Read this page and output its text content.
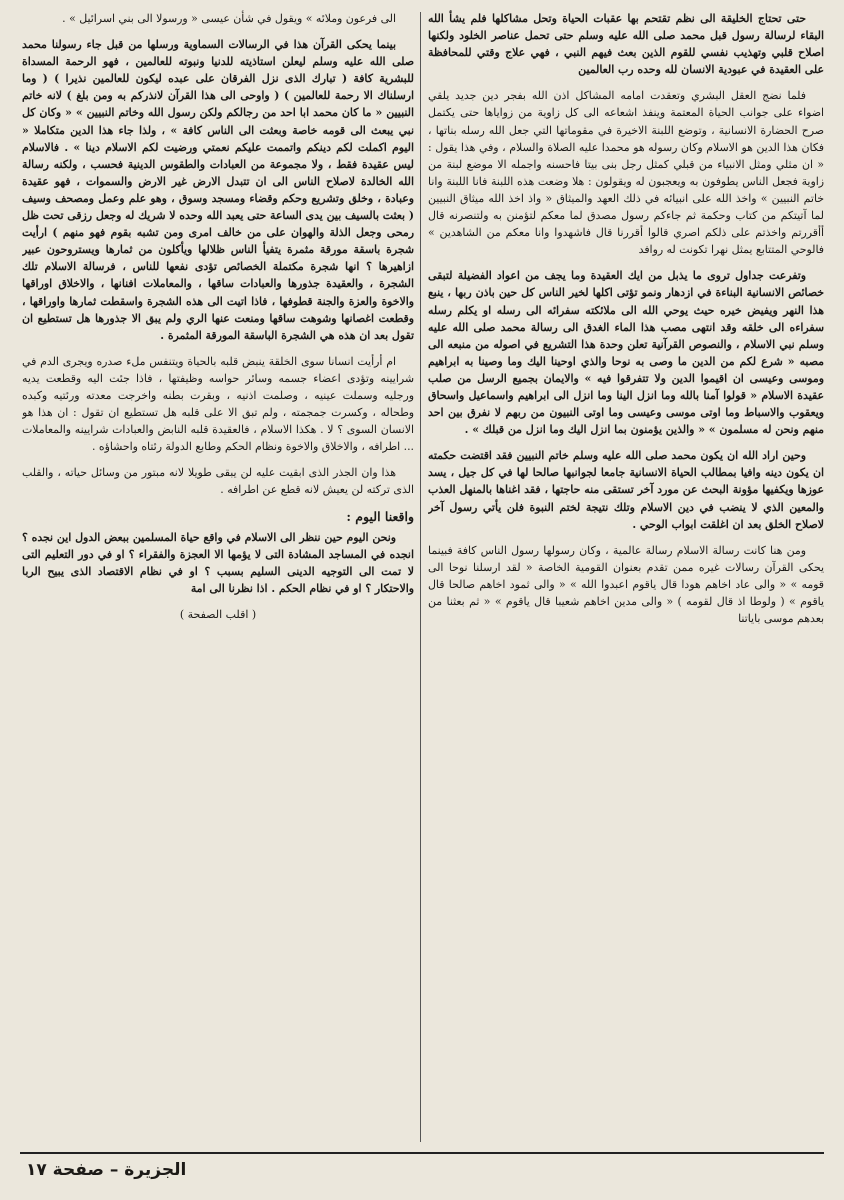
حتى تحتاج الخليقة الى نظم تقتحم بها عقبات الحياة وتحل مشاكلها فلم يشأ الله البقاء لرسالة رسول قبل محمد صلى الله عليه وسلم حتى تحمل عناصر الخلود ولكنها اصلاح قلبي وتهذيب نفسي للقوم الذين بعث فيهم النبي ، فهي علاج وقتي للمحافظة على العقيدة في عبودية الانسان لله وحده رب العالمين

فلما نضج العقل البشري وتعقدت امامه المشاكل اذن الله بفجر دين جديد يلقي اضواء على جوانب الحياة المعتمة وينفذ اشعاعه الى كل زاوية من زواياها حتى يكتمل صرح الحضارة الانسانية ، وتوضع اللبنة الاخيرة في مقوماتها التي جعل الله رسله بناتها ، فكان هذا الدين هو الاسلام وكان رسوله هو محمدا عليه الصلاة والسلام ، وفي هذا يقول : « ان مثلي ومثل الانبياء من قبلي كمثل رجل بنى بيتا فاحسنه واجمله الا موضع لبنة من زاوية فجعل الناس يطوفون به ويعجبون له ويقولون : هلا وضعت هذه اللبنة فانا اللبنة وانا خاتم النبيين » واخذ الله على انبيائه في ذلك العهد والميثاق « واذ اخذ الله ميثاق النبيين لما آتيتكم من كتاب وحكمة ثم جاءكم رسول مصدق لما معكم لتؤمنن به ولتنصرنه قال أأقررتم واخذتم على ذلكم اصري قالوا أقررنا قال فاشهدوا وانا معكم من الشاهدين » فالوحي المتتابع يمثل نهرا تكونت له روافد

وتفرعت جداول تروى ما يذبل من ايك العقيدة وما يجف من اعواد الفضيلة لتبقى خصائص الانسانية البناءة في ازدهار ونمو تؤتى اكلها لخير الناس كل حين باذن ربها ، ينبع هذا النهر ويفيض خيره حيث يوحي الله الى ملائكته سفرائه الى رسله او يكلم رسله سفراءه الى خلقه وقد انتهى مصب هذا الماء الغدق الى رسالة محمد صلى الله عليه وسلم نبي الاسلام ، والنصوص القرآنية تعلن وحدة هذا التشريع في اصوله من منبعه الى مصبه « شرع لكم من الدين ما وصى به نوحا والذي اوحينا اليك وما وصينا به ابراهيم وموسى وعيسى ان اقيموا الدين ولا تتفرقوا فيه » والايمان بجميع الرسل من صلب عقيدة الاسلام « قولوا آمنا بالله وما انزل الينا وما انزل الى ابراهيم واسماعيل واسحاق ويعقوب والاسباط وما اوتى موسى وعيسى وما اوتى النبيون من ربهم لا نفرق بين احد منهم ونحن له مسلمون » « والذين يؤمنون بما انزل اليك وما انزل من قبلك » .

وحين اراد الله ان يكون محمد صلى الله عليه وسلم خاتم النبيين فقد اقتضت حكمته ان يكون دينه وافيا بمطالب الحياة الانسانية جامعا لجوانبها صالحا لها في كل جيل ، يسد عوزها ويكفيها مؤونة البحث عن مورد آخر تستقى منه حاجتها ، فقد اغناها بالمنهل العذب والمعين الذي لا ينضب في دين الاسلام وتلك نتيجة لختم النبوة فلن يأتي رسول آخر لاصلاح الخلق بعد ان اغلقت ابواب الوحي .

ومن هنا كانت رسالة الاسلام رسالة عالمية ، وكان رسولها رسول الناس كافة فبينما يحكى القرآن رسالات غيره ممن تقدم بعنوان القومية الخاصة « لقد ارسلنا نوحا الى قومه » « والى عاد اخاهم هودا قال ياقوم اعبدوا الله » « والى ثمود اخاهم صالحا قال ياقوم » ( ولوطا اذ قال لقومه ) « والى مدين اخاهم شعيبا قال ياقوم » « ثم بعثنا من بعدهم موسى باياتنا

الى فرعون وملائه » ويقول في شأن عيسى « ورسولا الى بني اسرائيل » .

بينما يحكى القرآن هذا في الرسالات السماوية ورسلها من قبل جاء رسولنا محمد صلى الله عليه وسلم ليعلن استاذيته للدنيا ونبوته للعالمين ، فهو الرحمة المسداة للبشرية كافة ( تبارك الذى نزل الفرقان على عبده ليكون للعالمين نذيرا ) ( وما ارسلناك الا رحمة للعالمين ) ( واوحى الى هذا القرآن لانذركم به ومن بلغ ) لانه خاتم النبيين « ما كان محمد ابا احد من رجالكم ولكن رسول الله وخاتم النبيين » « وكان كل نبي يبعث الى قومه خاصة وبعثت الى الناس كافة » ، ولذا جاء هذا الدين متكاملا « اليوم اكملت لكم دينكم واتممت عليكم نعمتي ورضيت لكم الاسلام دينا » . فالاسلام ليس عقيدة فقط ، ولا مجموعة من العبادات والطقوس الدينية فحسب ، ولكنه رسالة الله الخالدة لاصلاح الناس الى ان تتبدل الارض غير الارض والسموات ، فهو عقيدة وعبادة ، وخلق وتشريع وحكم وقضاء ومسجد وسوق ، وهو علم وعمل ومصحف وسيف ( بعثت بالسيف بين يدى الساعة حتى يعبد الله وحده لا شريك له وجعل رزقى تحت ظل رمحى وجعل الذلة والهوان على من خالف امرى ومن تشبه بقوم فهو منهم ) ارأيت شجرة باسقة مورقة مثمرة يتفيأ الناس ظلالها ويأكلون من ثمارها ويستروحون عبير ازاهيرها ؟ انها شجرة مكتملة الخصائص تؤدى نفعها للناس ، فرسالة الاسلام تلك الشجرة ، والعقيدة جذورها والعبادات ساقها ، والمعاملات افنانها ، والاخلاق اوراقها والاخوة والعزة والجنة قطوفها ، فاذا اتيت الى هذه الشجرة واسقطت ثمارها واوراقها ، وقطعت اغصانها وشوهت ساقها ومنعت عنها الري ولم يبق الا جذورها هل تستطيع ان تقول بعد ان هذه هي الشجرة الباسقة المورقة المثمرة .

ام أرأيت انسانا سوى الخلقة ينبض قلبه بالحياة ويتنفس ملء صدره ويجرى الدم في شرايينه وتؤدى اعضاء جسمه وسائر حواسه وظيفتها ، فاذا جئت اليه وقطعت يديه ورجليه وسملت عينيه ، وصلمت اذنيه ، وبقرت بطنه واخرجت معدته ورئتيه وكبده وطحاله ، وكسرت جمجمته ، ولم تبق الا على قلبه هل تستطيع ان تقول : ان هذا هو الانسان السوى ؟ لا . هكذا الاسلام ، فالعقيدة قلبه النابض والعبادات شرايينه والمعاملات ... اطرافه ، والاخلاق والاخوة ونظام الحكم وطابع الدولة رئتاه واحشاؤه .

هذا وان الجذر الذى ابقيت عليه لن يبقى طويلا لانه مبتور من وسائل حياته ، والقلب الذى تركته لن يعيش لانه قطع عن اطرافه .

واقعنا اليوم :

ونحن اليوم حين ننظر الى الاسلام في واقع حياة المسلمين ببعض الدول اين نجده ؟ انجده في المساجد المشادة التى لا يؤمها الا العجزة والفقراء ؟ او في دور التعليم التى لا تمت الى التوجيه الدينى السليم بسبب ؟ او في نظام الاقتصاد الذى يبيح الربا والاحتكار ؟ او في نظام الحكم . اذا نظرنا الى امة

( اقلب الصفحة )
الجزيرة – صفحة ١٧
